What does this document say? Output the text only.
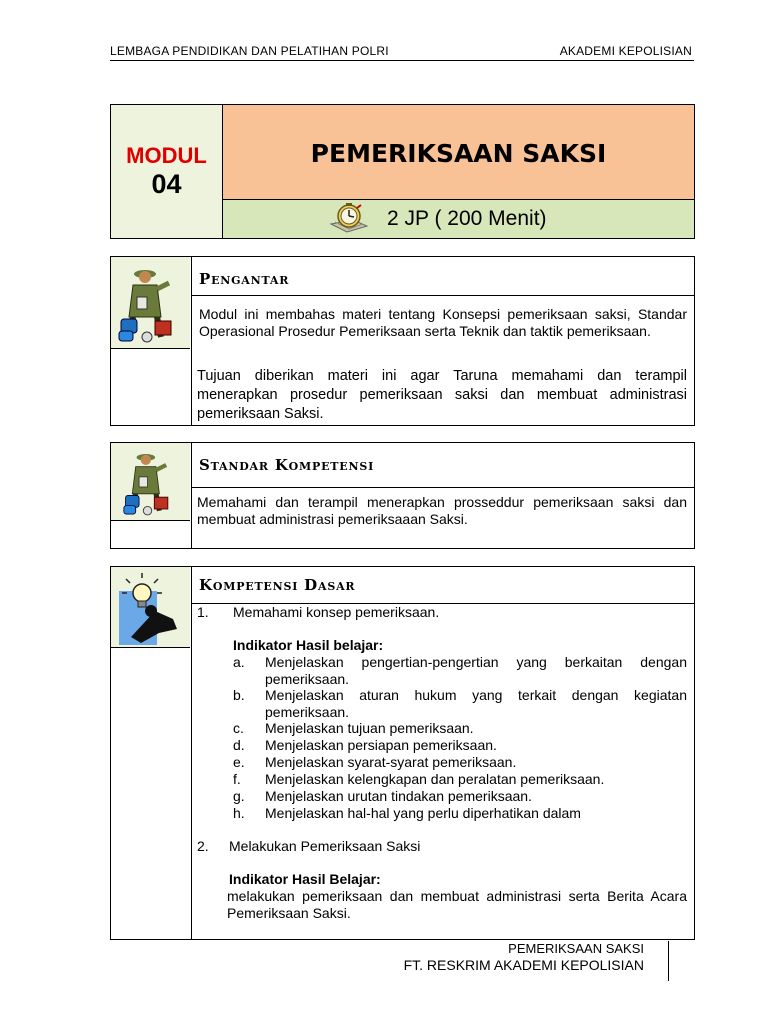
LEMBAGA PENDIDIKAN DAN PELATIHAN POLRI	AKADEMI KEPOLISIAN
MODUL
04
PEMERIKSAAN SAKSI
2 JP ( 200 Menit)
Pengantar
Modul ini membahas materi tentang Konsepsi pemeriksaan saksi, Standar Operasional Prosedur Pemeriksaan serta Teknik dan taktik pemeriksaan.
Tujuan diberikan materi ini agar Taruna memahami dan terampil menerapkan prosedur pemeriksaan saksi dan membuat administrasi pemeriksaan Saksi.
Standar Kompetensi
Memahami dan terampil menerapkan prosseddur pemeriksaan saksi dan membuat administrasi pemeriksaaan Saksi.
Kompetensi Dasar
1. Memahami konsep pemeriksaan.
Indikator Hasil belajar:
a. Menjelaskan pengertian-pengertian yang berkaitan dengan pemeriksaan.
b. Menjelaskan aturan hukum yang terkait dengan kegiatan pemeriksaan.
c. Menjelaskan tujuan pemeriksaan.
d. Menjelaskan persiapan pemeriksaan.
e. Menjelaskan syarat-syarat pemeriksaan.
f. Menjelaskan kelengkapan dan peralatan pemeriksaan.
g. Menjelaskan urutan tindakan pemeriksaan.
h. Menjelaskan hal-hal yang perlu diperhatikan dalam
2. Melakukan Pemeriksaan Saksi
Indikator Hasil Belajar:
melakukan pemeriksaan dan membuat administrasi serta Berita Acara Pemeriksaan Saksi.
PEMERIKSAAN SAKSI
FT. RESKRIM AKADEMI KEPOLISIAN
